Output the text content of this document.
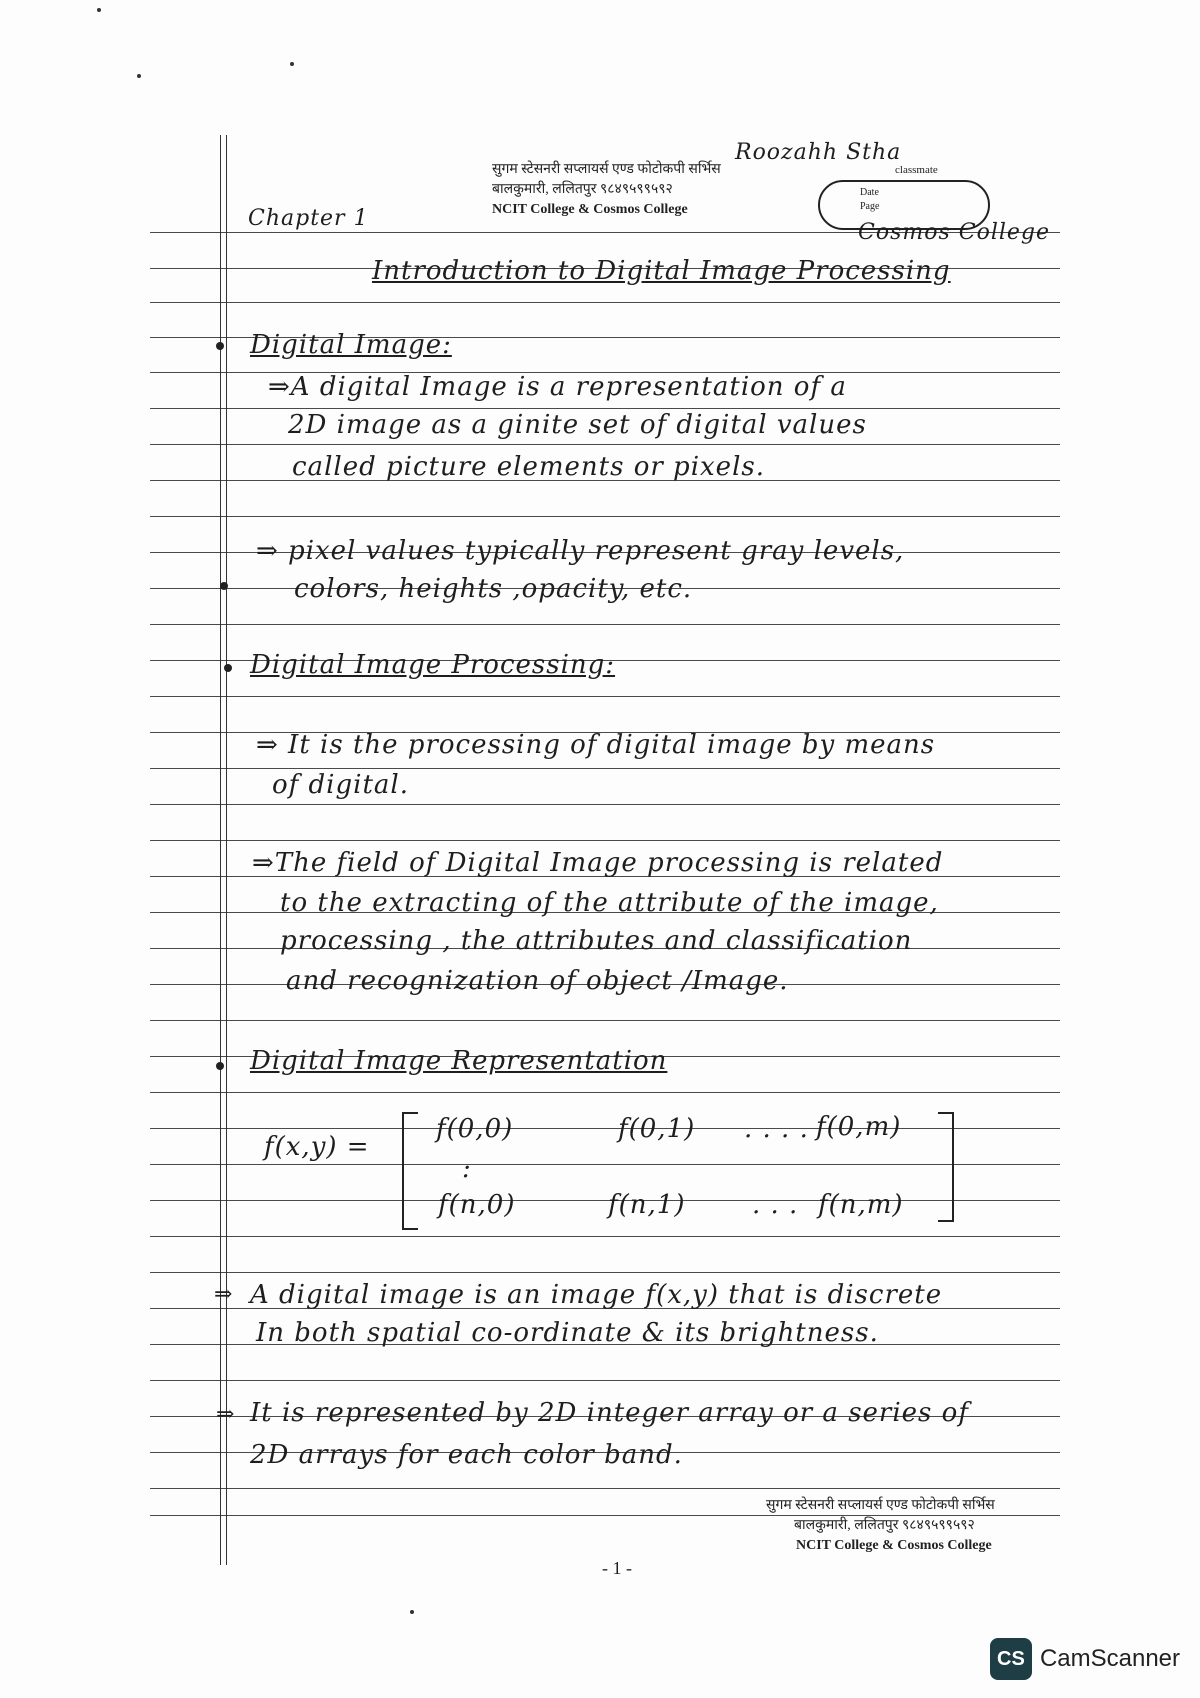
सुगम स्टेसनरी सप्लायर्स एण्ड फोटोकपी सर्भिस
बालकुमारी, ललितपुर ९८४९५९९५९२
NCIT College & Cosmos College
Roozahh Stha
classmate
Date
Page
Cosmos College
Chapter 1
Introduction to Digital Image Processing
Digital Image:
⇒A digital Image is a representation of a
2D image as a ginite set of digital values
called picture elements or pixels.
⇒ pixel values typically represent gray levels,
colors, heights ,opacity, etc.
Digital Image Processing:
⇒ It is the processing of digital image by means
of digital.
⇒The field of Digital Image processing is related
to the extracting of the attribute of the image,
processing , the attributes and classification
and recognization of object /Image.
Digital Image Representation
f(x,y) =
f(0,0)	f(0,1) . . . . f(0,m)
:
f(n,0)	f(n,1)	. . . f(n,m)
⇒ A digital image is an image f(x,y) that is discrete
In both spatial co-ordinate & its brightness.
⇒ It is represented by 2D integer array or a series of
2D arrays for each color band.
सुगम स्टेसनरी सप्लायर्स एण्ड फोटोकपी सर्भिस
बालकुमारी, ललितपुर ९८४९५९९५९२
NCIT College & Cosmos College
- 1 -
CS CamScanner
